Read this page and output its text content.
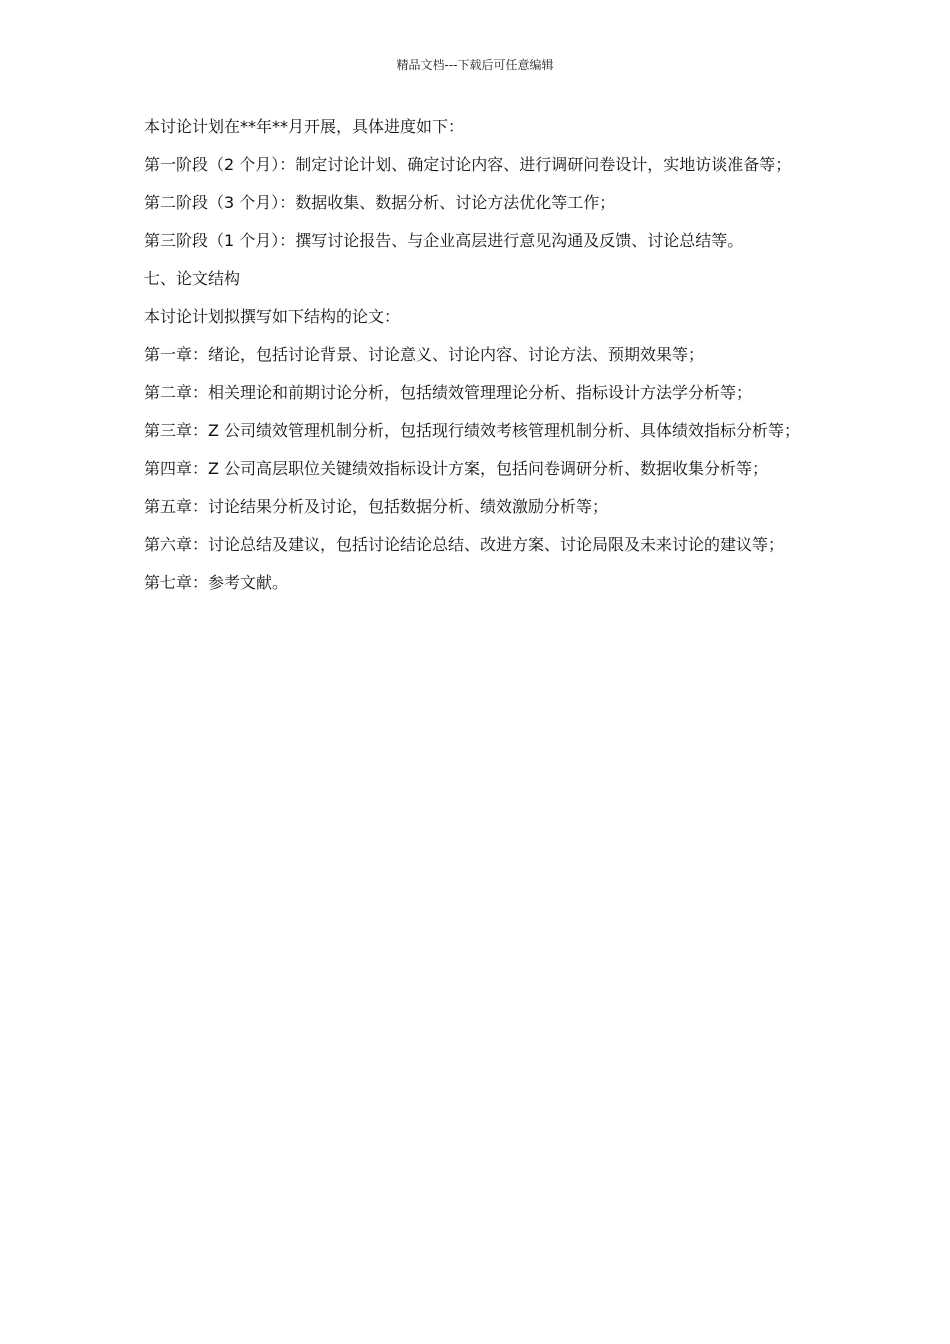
精品文档---下载后可任意编辑

本讨论计划在**年**月开展，具体进度如下：

第一阶段（2 个月）：制定讨论计划、确定讨论内容、进行调研问卷设计，实地访谈准备等；

第二阶段（3 个月）：数据收集、数据分析、讨论方法优化等工作；

第三阶段（1 个月）：撰写讨论报告、与企业高层进行意见沟通及反馈、讨论总结等。

七、论文结构

本讨论计划拟撰写如下结构的论文：

第一章：绪论，包括讨论背景、讨论意义、讨论内容、讨论方法、预期效果等；

第二章：相关理论和前期讨论分析，包括绩效管理理论分析、指标设计方法学分析等；

第三章：Z 公司绩效管理机制分析，包括现行绩效考核管理机制分析、具体绩效指标分析等；

第四章：Z 公司高层职位关键绩效指标设计方案，包括问卷调研分析、数据收集分析等；

第五章：讨论结果分析及讨论，包括数据分析、绩效激励分析等；

第六章：讨论总结及建议，包括讨论结论总结、改进方案、讨论局限及未来讨论的建议等；

第七章：参考文献。
